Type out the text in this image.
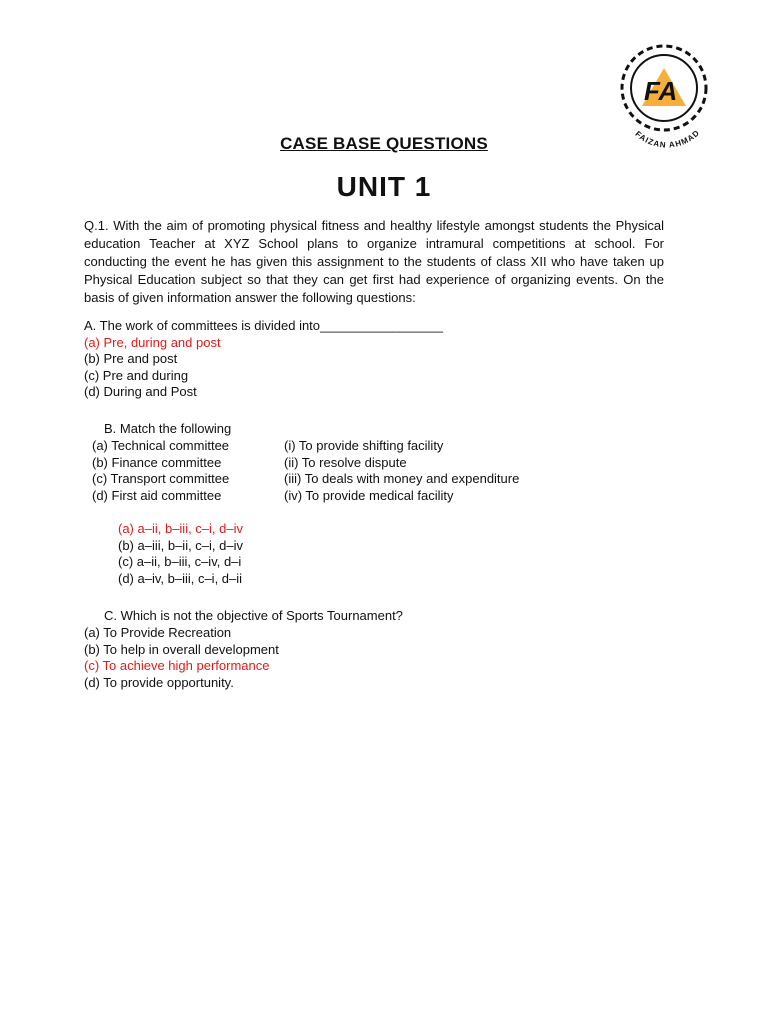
FA
FAIZAN AHMAD
CASE BASE QUESTIONS
UNIT 1

Q.1. With the aim of promoting physical fitness and healthy lifestyle amongst students the Physical education Teacher at XYZ School plans to organize intramural competitions at school. For conducting the event he has given this assignment to the students of class XII who have taken up Physical Education subject so that they can get first had experience of organizing events. On the basis of given information answer the following questions:

A. The work of committees is divided into_________________
(a) Pre, during and post
(b) Pre and post
(c) Pre and during
(d) During and Post
B. Match the following
(a) Technical committee
(b) Finance committee
(c) Transport committee
(d) First aid committee
(i) To provide shifting facility
(ii) To resolve dispute
(iii) To deals with money and expenditure
(iv) To provide medical facility
(a) a–ii, b–iii, c–i, d–iv
(b) a–iii, b–ii, c–i, d–iv
(c) a–ii, b–iii, c–iv, d–i
(d) a–iv, b–iii, c–i, d–ii
C. Which is not the objective of Sports Tournament?
(a) To Provide Recreation
(b) To help in overall development
(c) To achieve high performance
(d) To provide opportunity.
